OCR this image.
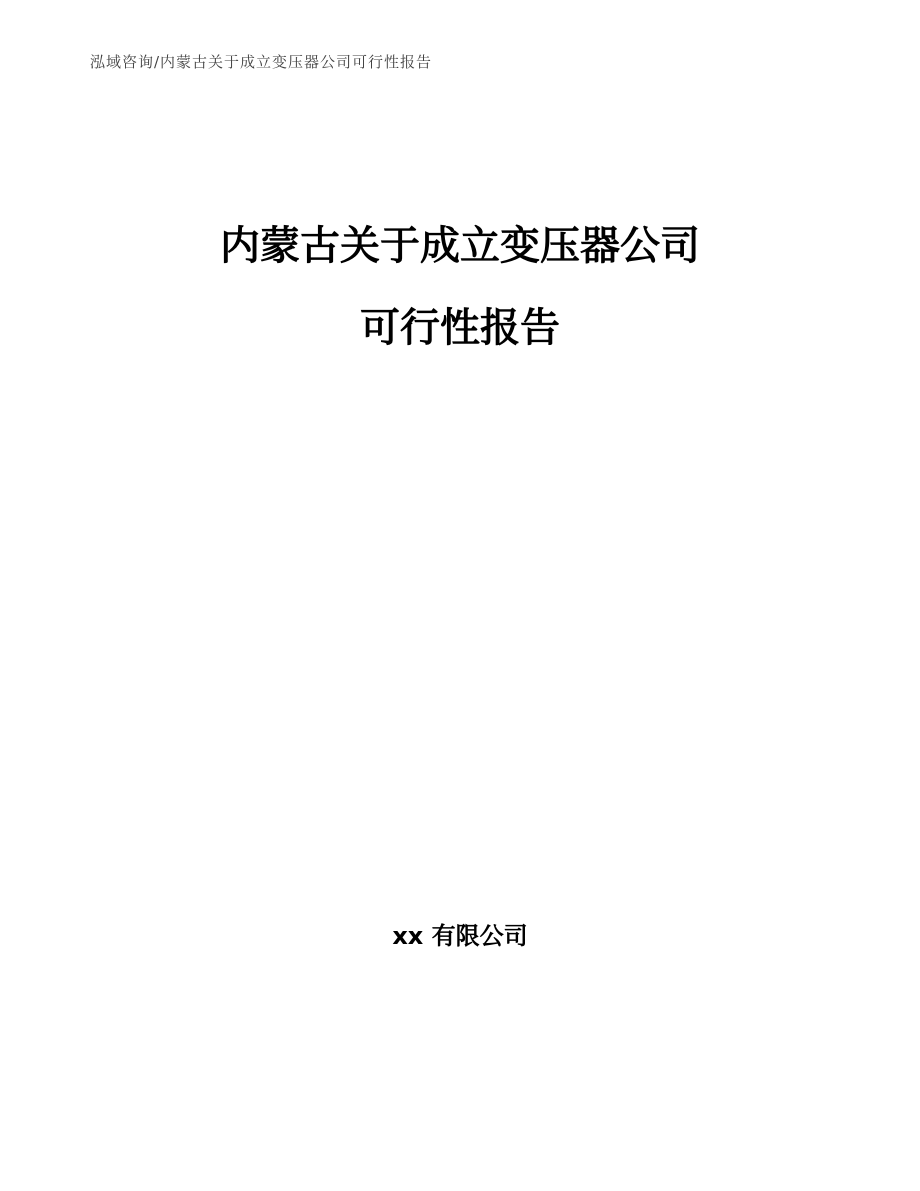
泓域咨询/内蒙古关于成立变压器公司可行性报告
内蒙古关于成立变压器公司
可行性报告
xx 有限公司
